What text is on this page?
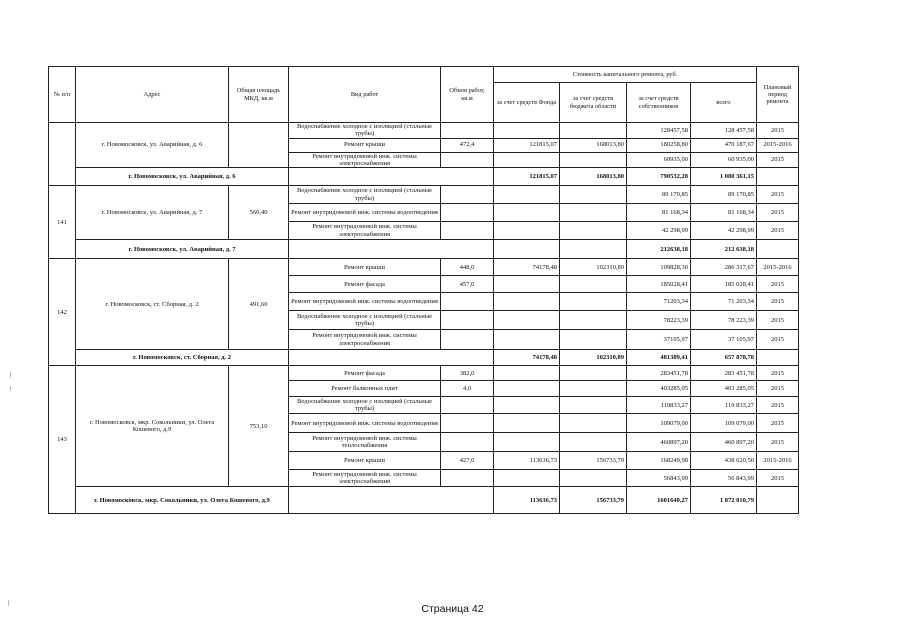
№ п/п	Адрес	Общая площадь МКД, кв.м	Вид работ	Объем работ, кв.м	Стоимость капитального ремонта, руб.				Плановый период ремонта
					за счет средств Фонда	за счет средств бюджета области	за счет средств собственников	всего	
	г. Новомосковск, ул. Аварийная, д. 6		Водоснабжение холодное с изоляцией (стальные трубы)				128457,58	128 457,58	2015
			Ремонт крыши	472,4	121815,07	168013,80	180258,80	470 187,67	2015-2016
			Ремонт внутридомовой инж. системы электроснабжения				60935,00	60 935,00	2015
	г. Новомосковск, ул. Аварийная, д. 6				121815,07	168013,80	790532,28	1 080 361,15	
141	г. Новомосковск, ул. Аварийная, д. 7	560,40	Водоснабжение холодное с изоляцией (стальные трубы)				89 170,85	89 170,85	2015
			Ремонт внутридомовой инж. системы водоотведения				81 168,34	81 168,34	2015
			Ремонт внутридомовой инж. системы электроснабжения				42 298,99	42 298,99	2015
	г. Новомосковск, ул. Аварийная, д. 7						212638,18	212 638,18	
142	г. Новомосковск, ст. Сборная, д. 2	491,60	Ремонт крыши	448,0	74178,48	102310,89	109828,30	286 317,67	2015-2016
			Ремонт фасада	457,0			185028,41	185 028,41	2015
			Ремонт внутридомовой инж. системы водоотведения				71203,34	71 203,34	2015
			Водоснабжение холодное с изоляцией (стальные трубы)				78223,39	78 223,39	2015
			Ремонт внутридомовой инж. системы электроснабжения				37105,97	37 105,97	2015
	г. Новомосковск, ст. Сборная, д. 2				74178,48	102310,89	481389,41	657 878,78	
143	г. Новомосковск, мкр. Сокольники, ул. Олега Кошевого, д.9	753,10	Ремонт фасада	382,0			283451,78	283 451,78	2015
			Ремонт балконных плит	4,0			403285,05	403 285,05	2015
			Водоснабжение холодное с изоляцией (стальные трубы)				119833,27	119 833,27	2015
			Ремонт внутридомовой инж. системы водоотведения				109079,00	109 079,00	2015
			Ремонт внутридомовой инж. системы теплоснабжения				460897,20	460 897,20	2015
			Ремонт крыши	427,0	113636,73	156733,79	168249,98	438 620,50	2015-2016
			Ремонт внутридомовой инж. системы электроснабжения				56843,99	56 843,99	2015
	г. Новомосковск, мкр. Сокольники, ул. Олега Кошевого, д.9				113636,73	156733,79	1601640,27	1 872 010,79	
Страница 42
